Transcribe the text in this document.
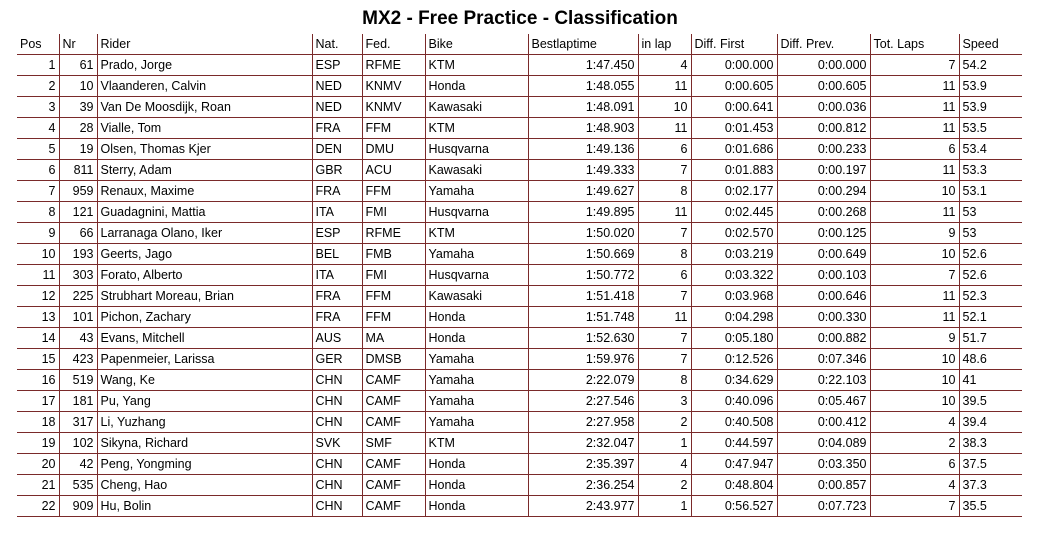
MX2 - Free Practice - Classification
Pos	Nr	Rider	Nat.	Fed.	Bike	Bestlaptime	in lap	Diff. First	Diff. Prev.	Tot. Laps	Speed
1	61	Prado, Jorge	ESP	RFME	KTM	1:47.450	4	0:00.000	0:00.000	7	54.2
2	10	Vlaanderen, Calvin	NED	KNMV	Honda	1:48.055	11	0:00.605	0:00.605	11	53.9
3	39	Van De Moosdijk, Roan	NED	KNMV	Kawasaki	1:48.091	10	0:00.641	0:00.036	11	53.9
4	28	Vialle, Tom	FRA	FFM	KTM	1:48.903	11	0:01.453	0:00.812	11	53.5
5	19	Olsen, Thomas Kjer	DEN	DMU	Husqvarna	1:49.136	6	0:01.686	0:00.233	6	53.4
6	811	Sterry, Adam	GBR	ACU	Kawasaki	1:49.333	7	0:01.883	0:00.197	11	53.3
7	959	Renaux, Maxime	FRA	FFM	Yamaha	1:49.627	8	0:02.177	0:00.294	10	53.1
8	121	Guadagnini, Mattia	ITA	FMI	Husqvarna	1:49.895	11	0:02.445	0:00.268	11	53
9	66	Larranaga Olano, Iker	ESP	RFME	KTM	1:50.020	7	0:02.570	0:00.125	9	53
10	193	Geerts, Jago	BEL	FMB	Yamaha	1:50.669	8	0:03.219	0:00.649	10	52.6
11	303	Forato, Alberto	ITA	FMI	Husqvarna	1:50.772	6	0:03.322	0:00.103	7	52.6
12	225	Strubhart Moreau, Brian	FRA	FFM	Kawasaki	1:51.418	7	0:03.968	0:00.646	11	52.3
13	101	Pichon, Zachary	FRA	FFM	Honda	1:51.748	11	0:04.298	0:00.330	11	52.1
14	43	Evans, Mitchell	AUS	MA	Honda	1:52.630	7	0:05.180	0:00.882	9	51.7
15	423	Papenmeier, Larissa	GER	DMSB	Yamaha	1:59.976	7	0:12.526	0:07.346	10	48.6
16	519	Wang, Ke	CHN	CAMF	Yamaha	2:22.079	8	0:34.629	0:22.103	10	41
17	181	Pu, Yang	CHN	CAMF	Yamaha	2:27.546	3	0:40.096	0:05.467	10	39.5
18	317	Li, Yuzhang	CHN	CAMF	Yamaha	2:27.958	2	0:40.508	0:00.412	4	39.4
19	102	Sikyna, Richard	SVK	SMF	KTM	2:32.047	1	0:44.597	0:04.089	2	38.3
20	42	Peng, Yongming	CHN	CAMF	Honda	2:35.397	4	0:47.947	0:03.350	6	37.5
21	535	Cheng, Hao	CHN	CAMF	Honda	2:36.254	2	0:48.804	0:00.857	4	37.3
22	909	Hu, Bolin	CHN	CAMF	Honda	2:43.977	1	0:56.527	0:07.723	7	35.5
